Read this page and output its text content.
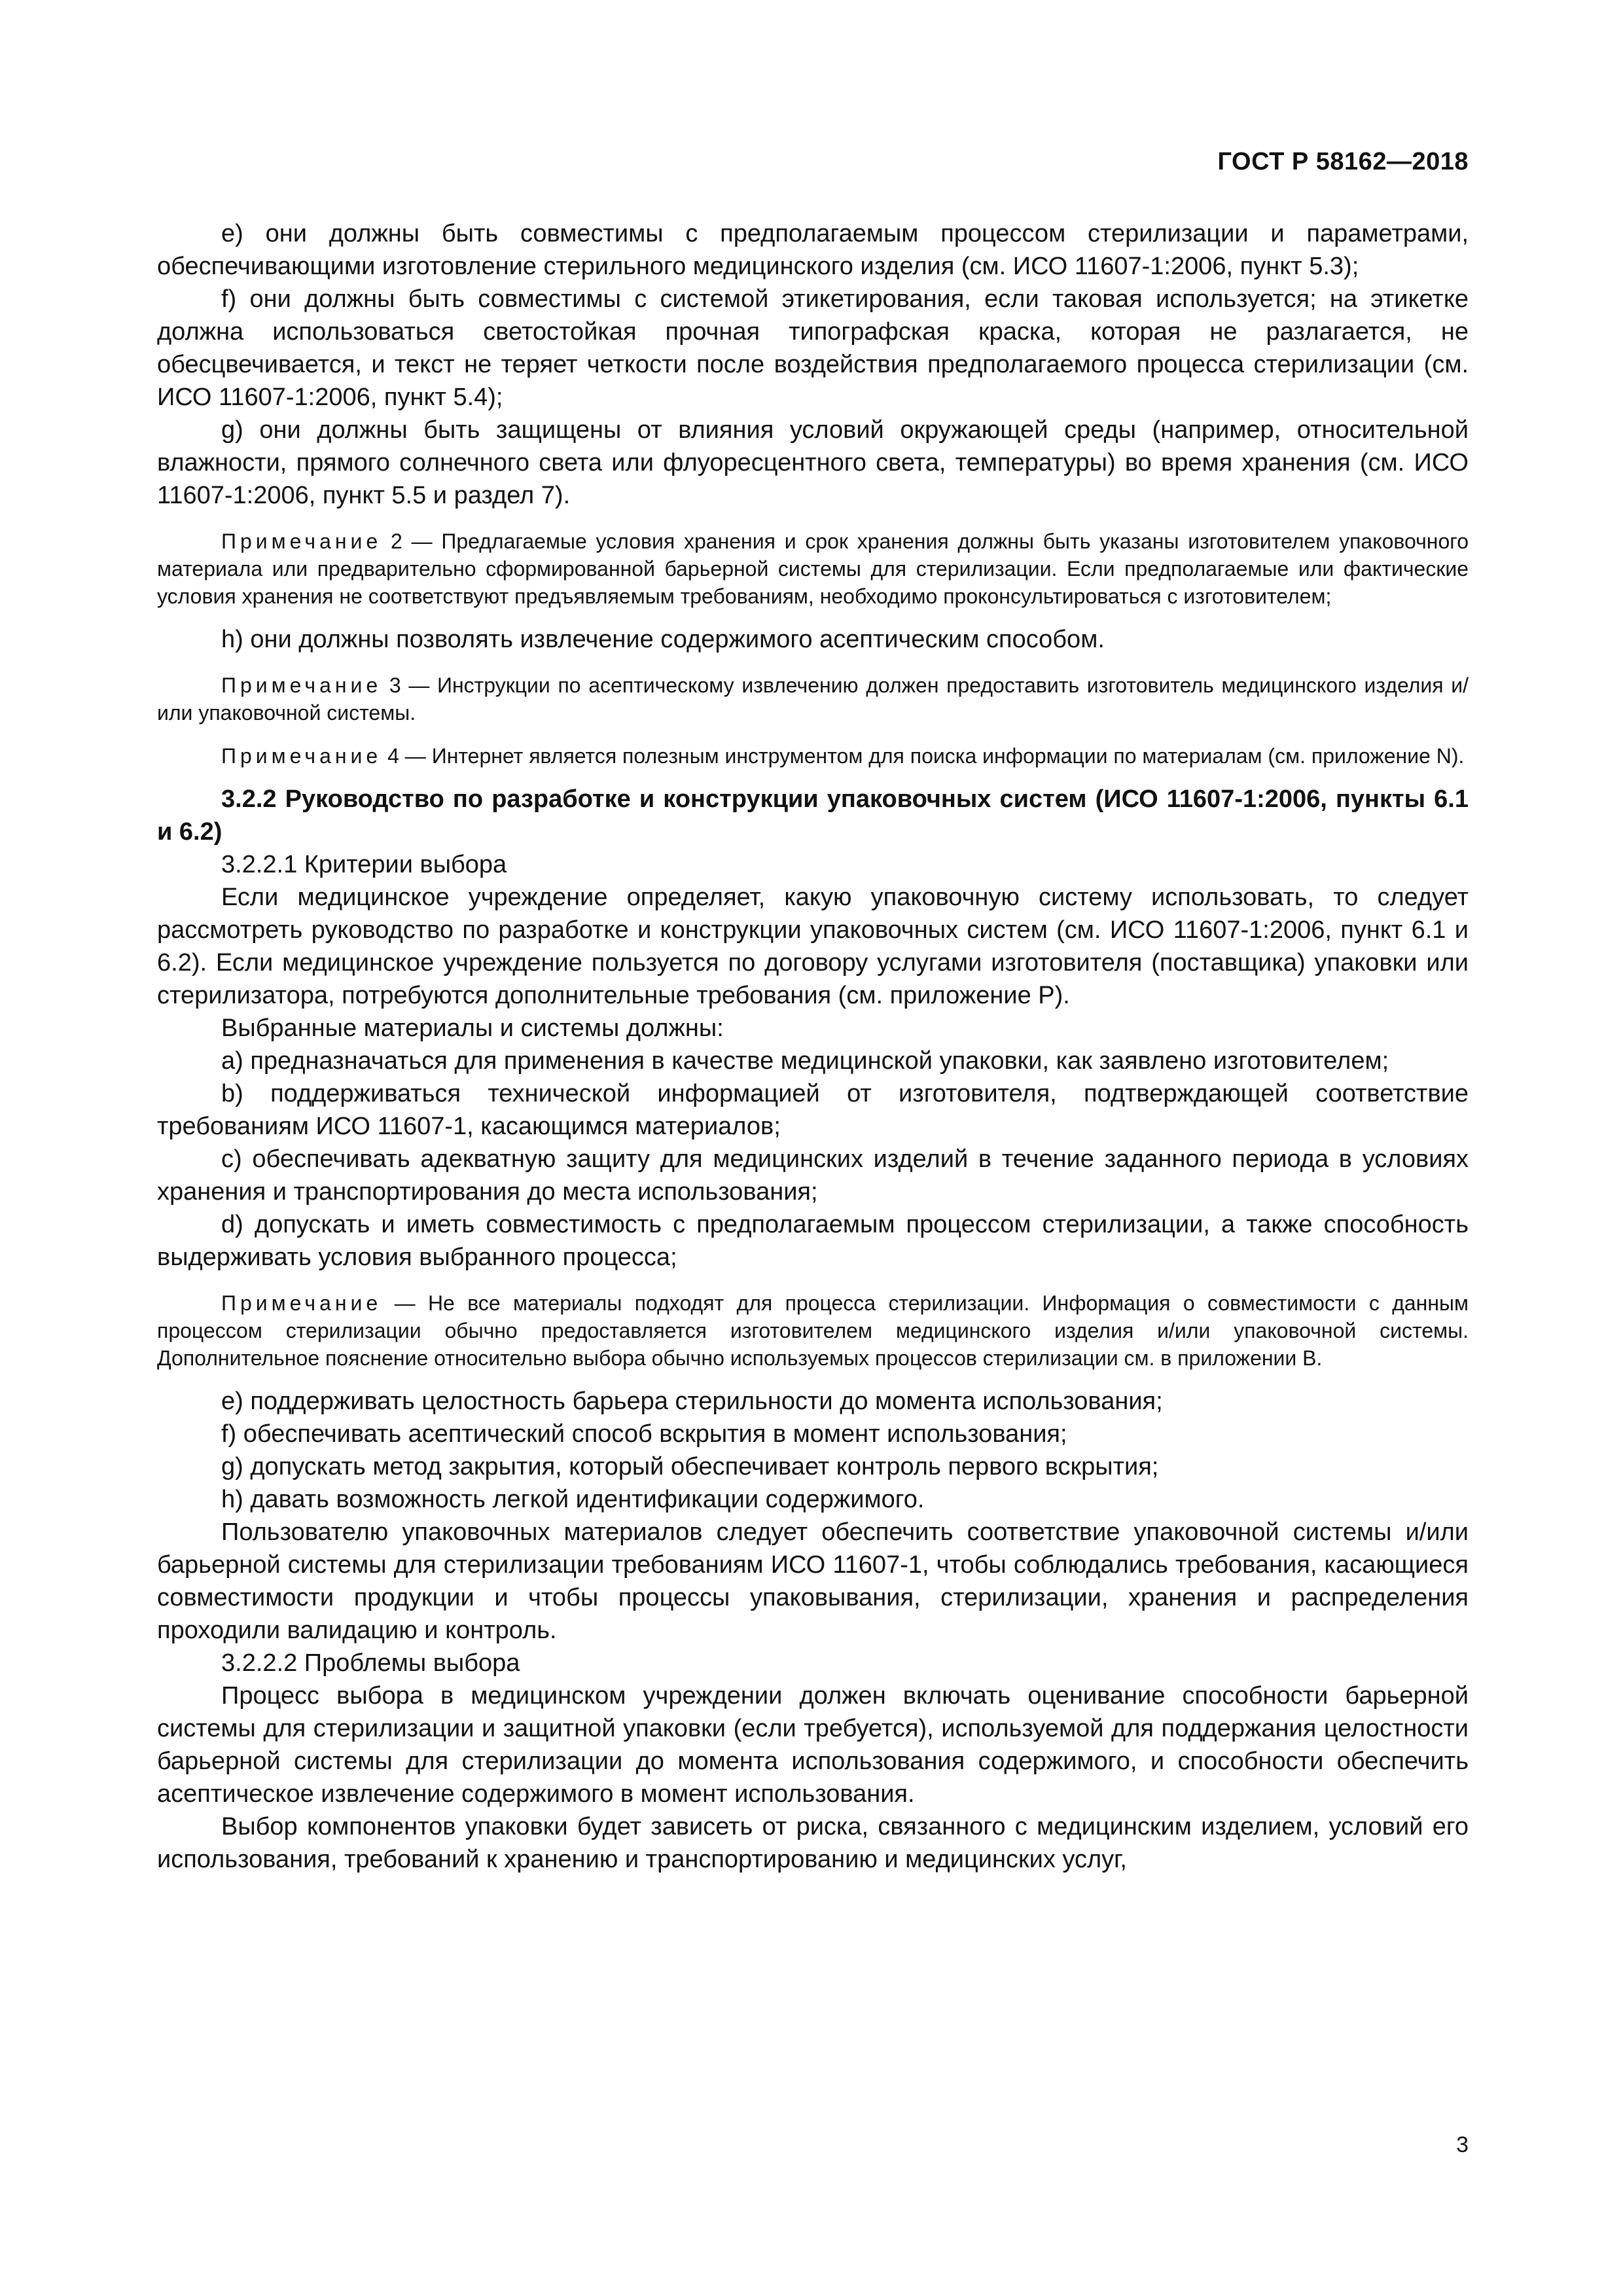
ГОСТ Р 58162—2018

е) они должны быть совместимы с предполагаемым процессом стерилизации и параметрами, обеспечивающими изготовление стерильного медицинского изделия (см. ИСО 11607-1:2006, пункт 5.3);

f) они должны быть совместимы с системой этикетирования, если таковая используется; на этикетке должна использоваться светостойкая прочная типографская краска, которая не разлагается, не обесцвечивается, и текст не теряет четкости после воздействия предполагаемого процесса стерилизации (см. ИСО 11607-1:2006, пункт 5.4);

g) они должны быть защищены от влияния условий окружающей среды (например, относительной влажности, прямого солнечного света или флуоресцентного света, температуры) во время хранения (см. ИСО 11607-1:2006, пункт 5.5 и раздел 7).

Примечание 2 — Предлагаемые условия хранения и срок хранения должны быть указаны изготовителем упаковочного материала или предварительно сформированной барьерной системы для стерилизации. Если предполагаемые или фактические условия хранения не соответствуют предъявляемым требованиям, необходимо проконсультироваться с изготовителем;

h) они должны позволять извлечение содержимого асептическим способом.

Примечание 3 — Инструкции по асептическому извлечению должен предоставить изготовитель медицинского изделия и/или упаковочной системы.

Примечание 4 — Интернет является полезным инструментом для поиска информации по материалам (см. приложение N).

3.2.2 Руководство по разработке и конструкции упаковочных систем (ИСО 11607-1:2006, пункты 6.1 и 6.2)

3.2.2.1 Критерии выбора

Если медицинское учреждение определяет, какую упаковочную систему использовать, то следует рассмотреть руководство по разработке и конструкции упаковочных систем (см. ИСО 11607-1:2006, пункт 6.1 и 6.2). Если медицинское учреждение пользуется по договору услугами изготовителя (поставщика) упаковки или стерилизатора, потребуются дополнительные требования (см. приложение Р).

Выбранные материалы и системы должны:

a) предназначаться для применения в качестве медицинской упаковки, как заявлено изготовителем;

b) поддерживаться технической информацией от изготовителя, подтверждающей соответствие требованиям ИСО 11607-1, касающимся материалов;

c) обеспечивать адекватную защиту для медицинских изделий в течение заданного периода в условиях хранения и транспортирования до места использования;

d) допускать и иметь совместимость с предполагаемым процессом стерилизации, а также способность выдерживать условия выбранного процесса;

Примечание — Не все материалы подходят для процесса стерилизации. Информация о совместимости с данным процессом стерилизации обычно предоставляется изготовителем медицинского изделия и/или упаковочной системы. Дополнительное пояснение относительно выбора обычно используемых процессов стерилизации см. в приложении В.

e) поддерживать целостность барьера стерильности до момента использования;

f) обеспечивать асептический способ вскрытия в момент использования;

g) допускать метод закрытия, который обеспечивает контроль первого вскрытия;

h) давать возможность легкой идентификации содержимого.

Пользователю упаковочных материалов следует обеспечить соответствие упаковочной системы и/или барьерной системы для стерилизации требованиям ИСО 11607-1, чтобы соблюдались требования, касающиеся совместимости продукции и чтобы процессы упаковывания, стерилизации, хранения и распределения проходили валидацию и контроль.

3.2.2.2 Проблемы выбора

Процесс выбора в медицинском учреждении должен включать оценивание способности барьерной системы для стерилизации и защитной упаковки (если требуется), используемой для поддержания целостности барьерной системы для стерилизации до момента использования содержимого, и способности обеспечить асептическое извлечение содержимого в момент использования.

Выбор компонентов упаковки будет зависеть от риска, связанного с медицинским изделием, условий его использования, требований к хранению и транспортированию и медицинских услуг,

3
